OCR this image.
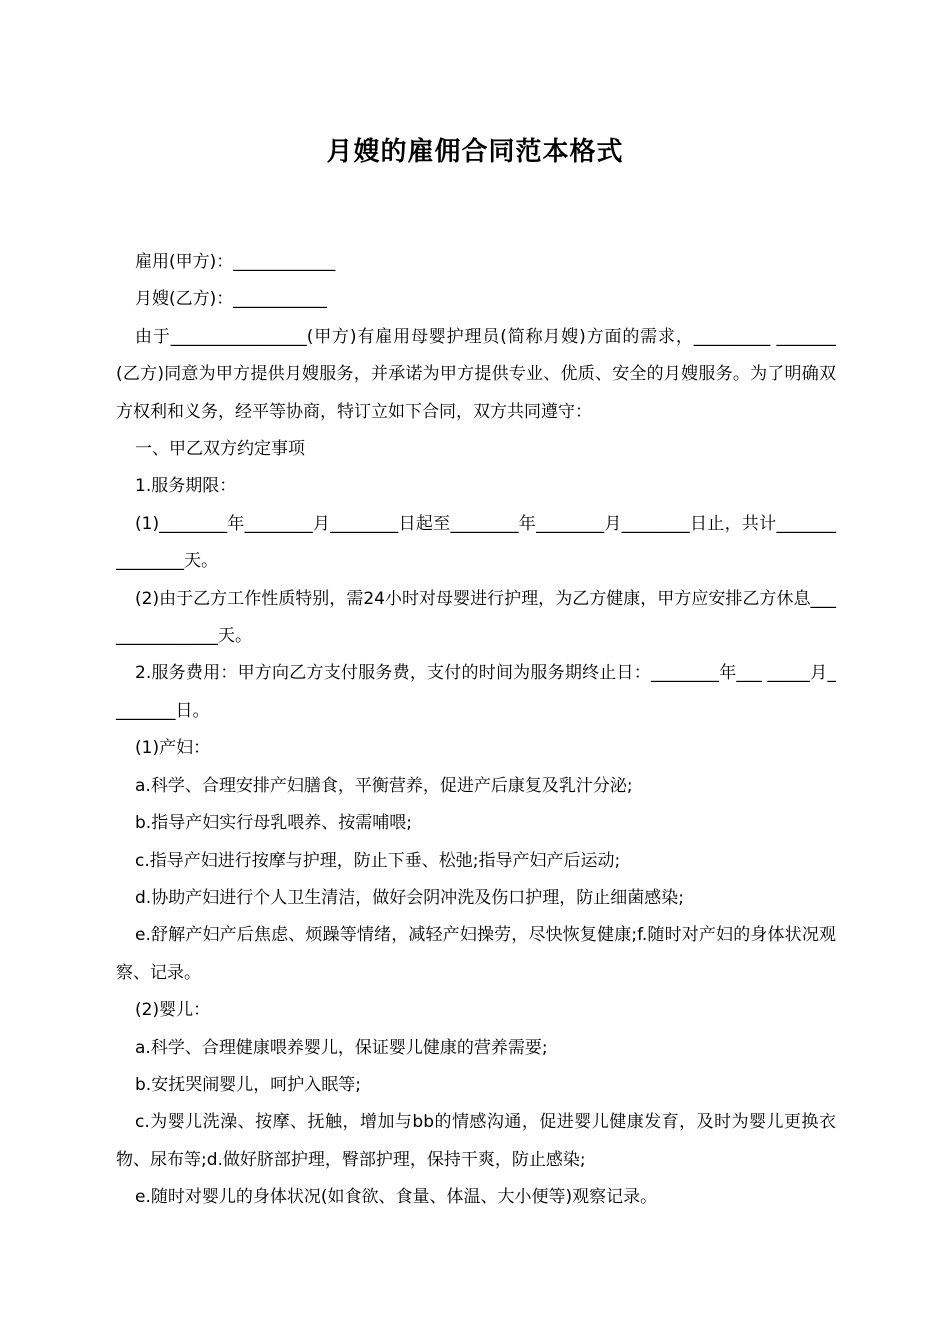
月嫂的雇佣合同范本格式

雇用(甲方)：____________

月嫂(乙方)：___________

由于________________(甲方)有雇用母婴护理员(简称月嫂)方面的需求，_________ _______(乙方)同意为甲方提供月嫂服务，并承诺为甲方提供专业、优质、安全的月嫂服务。为了明确双方权利和义务，经平等协商，特订立如下合同，双方共同遵守：

一、甲乙双方约定事项

1.服务期限：

(1)________年________月________日起至________年________月________日止，共计_______________天。

(2)由于乙方工作性质特别，需24小时对母婴进行护理，为乙方健康，甲方应安排乙方休息_______________天。

2.服务费用：甲方向乙方支付服务费，支付的时间为服务期终止日：________年___ _____月________日。

(1)产妇：

a.科学、合理安排产妇膳食，平衡营养，促进产后康复及乳汁分泌;

b.指导产妇实行母乳喂养、按需哺喂;

c.指导产妇进行按摩与护理，防止下垂、松弛;指导产妇产后运动;

d.协助产妇进行个人卫生清洁，做好会阴冲洗及伤口护理，防止细菌感染;

e.舒解产妇产后焦虑、烦躁等情绪，减轻产妇操劳，尽快恢复健康;f.随时对产妇的身体状况观察、记录。

(2)婴儿：

a.科学、合理健康喂养婴儿，保证婴儿健康的营养需要;

b.安抚哭闹婴儿，呵护入眠等;

c.为婴儿洗澡、按摩、抚触，增加与bb的情感沟通，促进婴儿健康发育，及时为婴儿更换衣物、尿布等;d.做好脐部护理，臀部护理，保持干爽，防止感染;

e.随时对婴儿的身体状况(如食欲、食量、体温、大小便等)观察记录。
